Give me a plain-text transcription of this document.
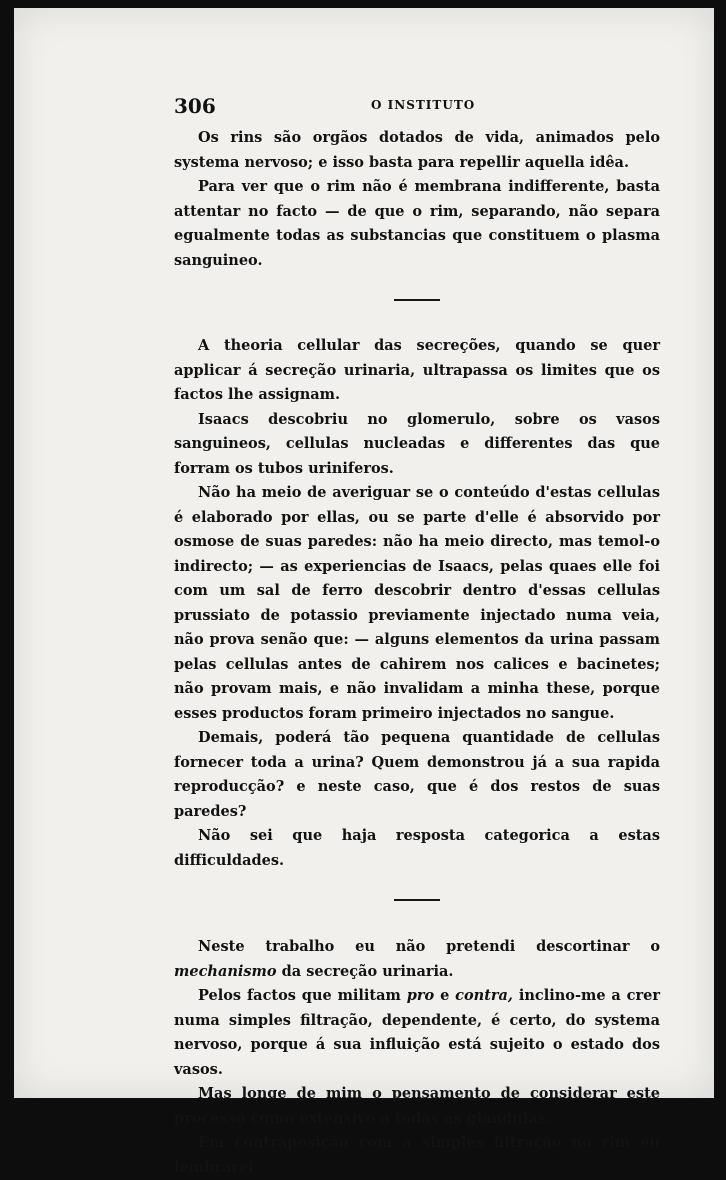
306	O INSTITUTO

Os rins são orgãos dotados de vida, animados pelo systema nervoso; e isso basta para repellir aquella idêa.

Para ver que o rim não é membrana indifferente, basta attentar no facto — de que o rim, separando, não separa egualmente todas as substancias que constituem o plasma sanguineo.

A theoria cellular das secreções, quando se quer applicar á secreção urinaria, ultrapassa os limites que os factos lhe assignam.

Isaacs descobriu no glomerulo, sobre os vasos sanguineos, cellulas nucleadas e differentes das que forram os tubos uriniferos.

Não ha meio de averiguar se o conteúdo d'estas cellulas é elaborado por ellas, ou se parte d'elle é absorvido por osmose de suas paredes: não ha meio directo, mas temol-o indirecto; — as experiencias de Isaacs, pelas quaes elle foi com um sal de ferro descobrir dentro d'essas cellulas prussiato de potassio previamente injectado numa veia, não prova senão que: — alguns elementos da urina passam pelas cellulas antes de cahirem nos calices e bacinetes; não provam mais, e não invalidam a minha these, porque esses productos foram primeiro injectados no sangue.

Demais, poderá tão pequena quantidade de cellulas fornecer toda a urina? Quem demonstrou já a sua rapida reproducção? e neste caso, que é dos restos de suas paredes?

Não sei que haja resposta categorica a estas difficuldades.

Neste trabalho eu não pretendi descortinar o mechanismo da secreção urinaria.

Pelos factos que militam pro e contra, inclino-me a crer numa simples filtração, dependente, é certo, do systema nervoso, porque á sua influição está sujeito o estado dos vasos.

Mas longe de mim o pensamento de considerar este processo como extensivo a todas as glandulas.

Em contraposição com a simples filtração no rim eu lembrarei
